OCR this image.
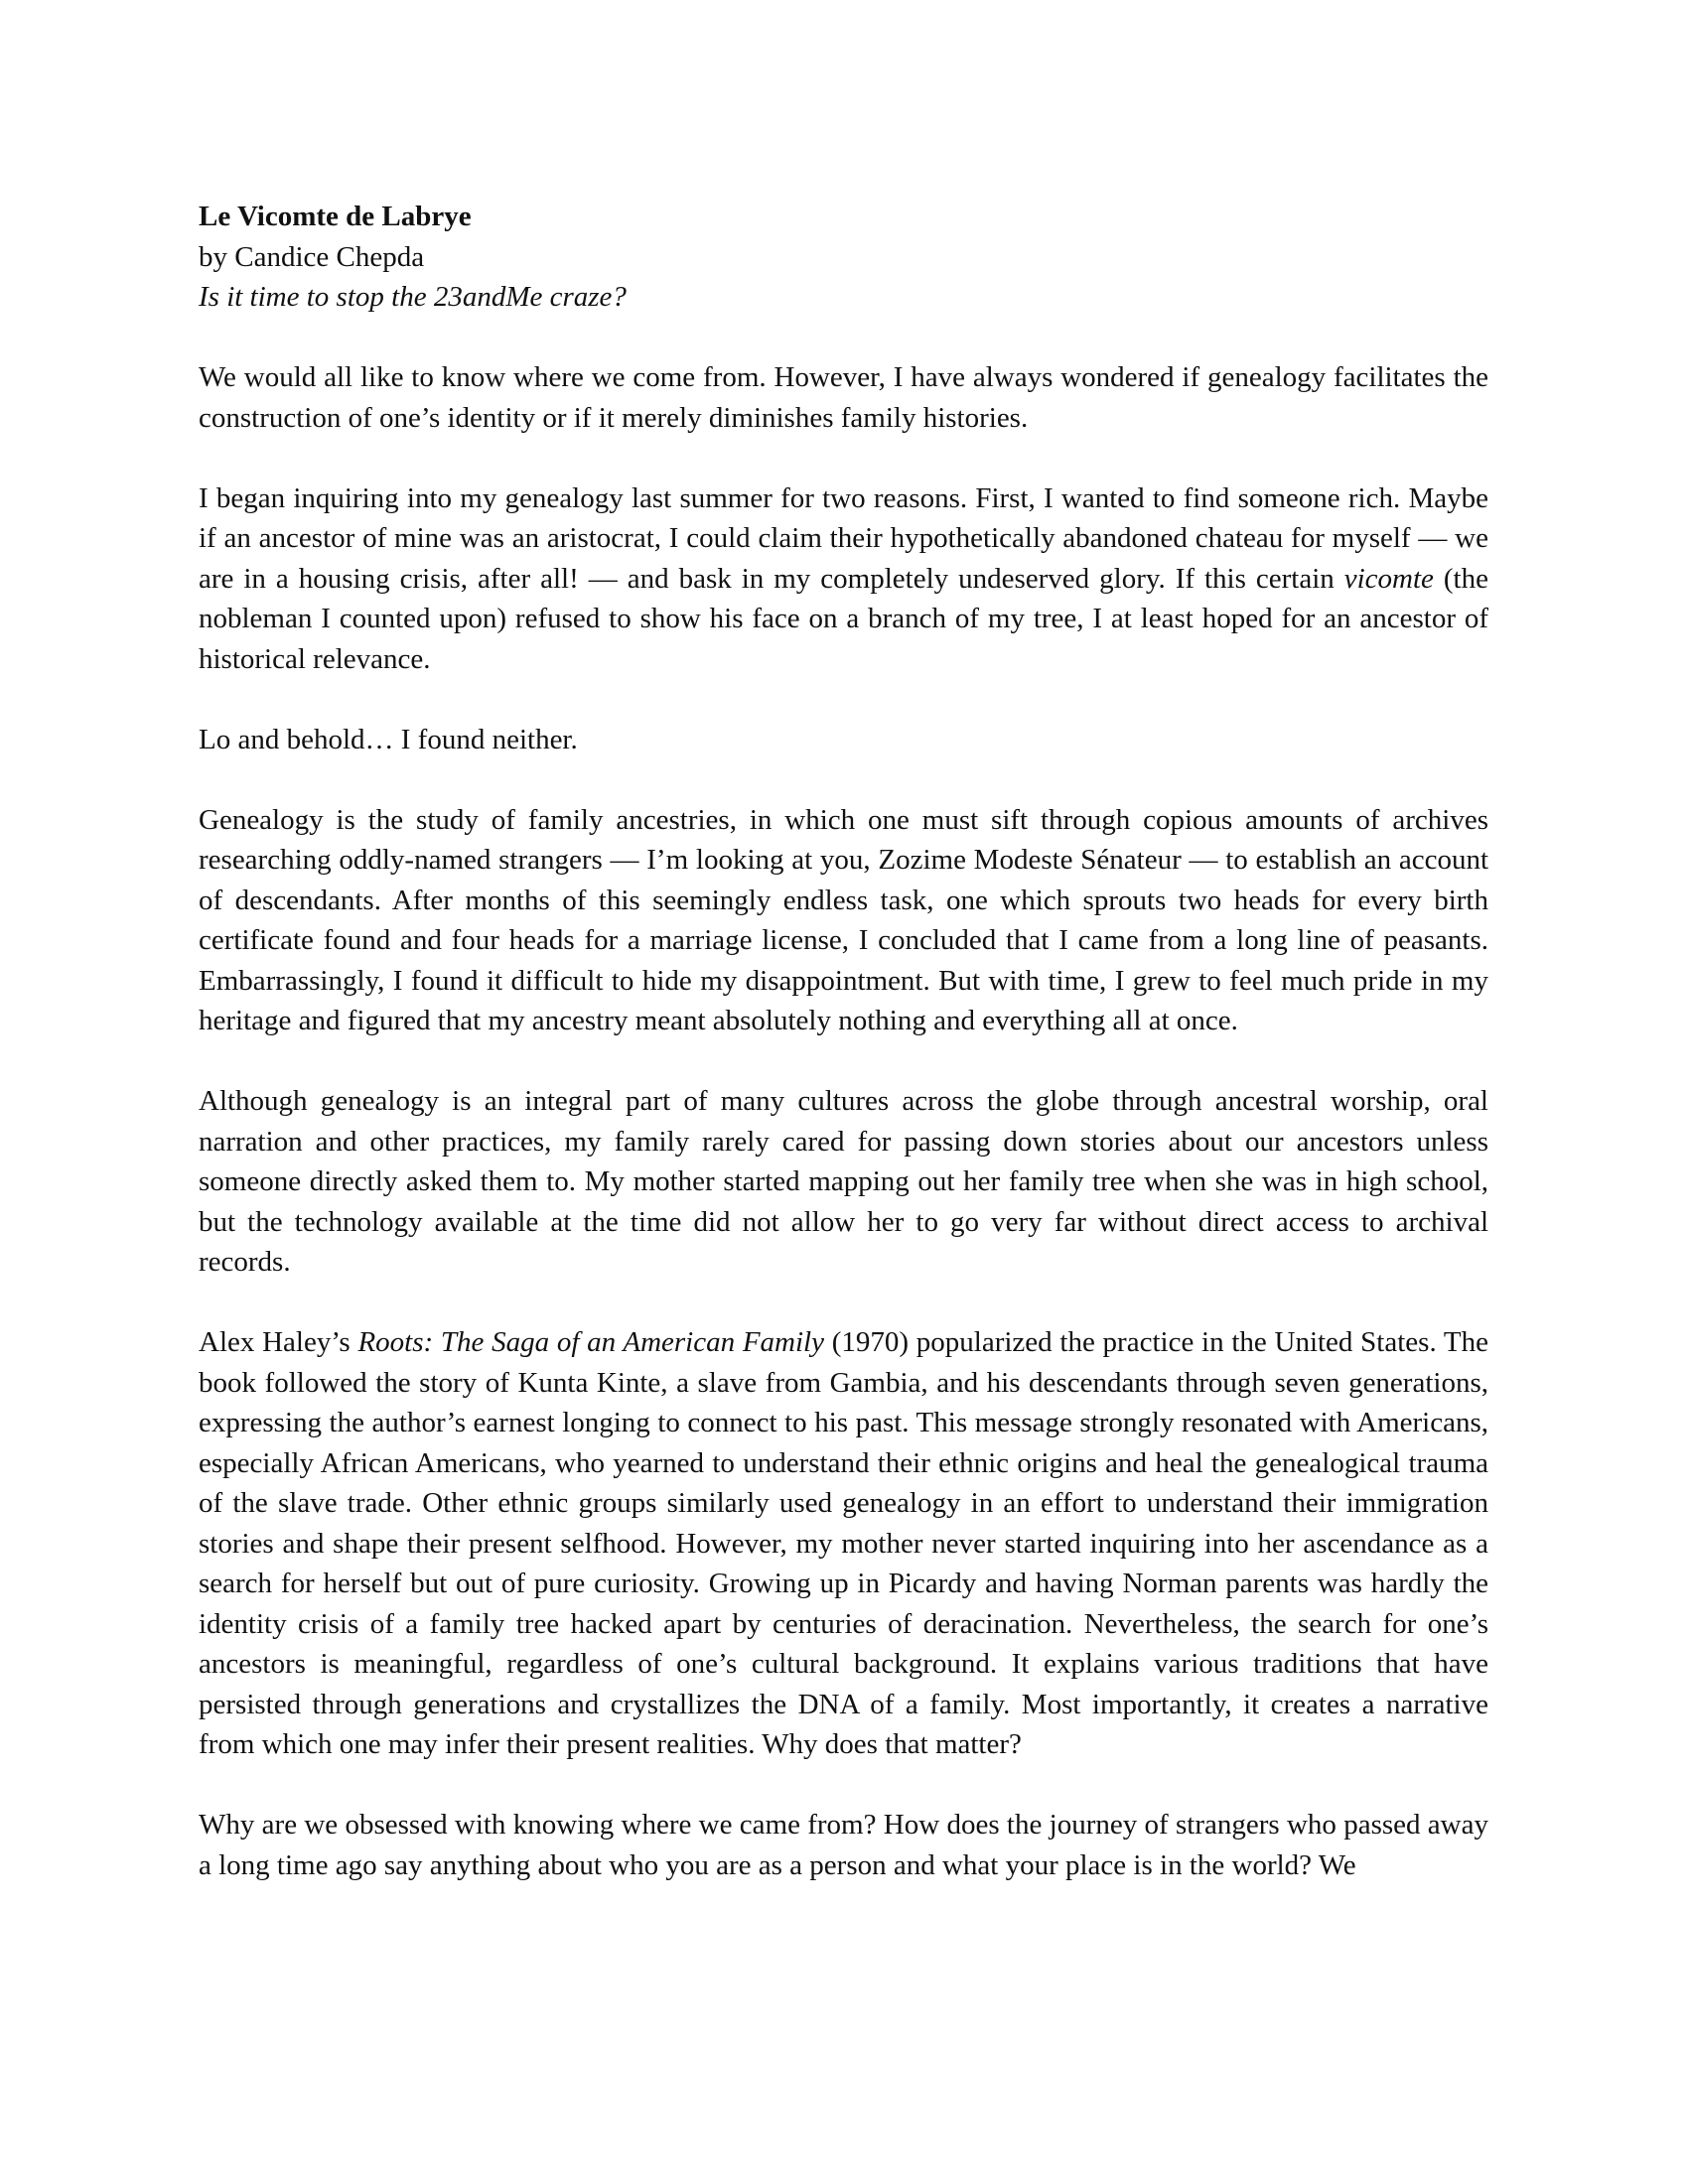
Le Vicomte de Labrye
by Candice Chepda
Is it time to stop the 23andMe craze?

We would all like to know where we come from. However, I have always wondered if genealogy facilitates the construction of one’s identity or if it merely diminishes family histories.

I began inquiring into my genealogy last summer for two reasons. First, I wanted to find someone rich. Maybe if an ancestor of mine was an aristocrat, I could claim their hypothetically abandoned chateau for myself — we are in a housing crisis, after all! — and bask in my completely undeserved glory. If this certain vicomte (the nobleman I counted upon) refused to show his face on a branch of my tree, I at least hoped for an ancestor of historical relevance.

Lo and behold… I found neither.

Genealogy is the study of family ancestries, in which one must sift through copious amounts of archives researching oddly-named strangers — I’m looking at you, Zozime Modeste Sénateur — to establish an account of descendants. After months of this seemingly endless task, one which sprouts two heads for every birth certificate found and four heads for a marriage license, I concluded that I came from a long line of peasants. Embarrassingly, I found it difficult to hide my disappointment. But with time, I grew to feel much pride in my heritage and figured that my ancestry meant absolutely nothing and everything all at once.

Although genealogy is an integral part of many cultures across the globe through ancestral worship, oral narration and other practices, my family rarely cared for passing down stories about our ancestors unless someone directly asked them to. My mother started mapping out her family tree when she was in high school, but the technology available at the time did not allow her to go very far without direct access to archival records.

Alex Haley’s Roots: The Saga of an American Family (1970) popularized the practice in the United States. The book followed the story of Kunta Kinte, a slave from Gambia, and his descendants through seven generations, expressing the author’s earnest longing to connect to his past. This message strongly resonated with Americans, especially African Americans, who yearned to understand their ethnic origins and heal the genealogical trauma of the slave trade. Other ethnic groups similarly used genealogy in an effort to understand their immigration stories and shape their present selfhood. However, my mother never started inquiring into her ascendance as a search for herself but out of pure curiosity. Growing up in Picardy and having Norman parents was hardly the identity crisis of a family tree hacked apart by centuries of deracination. Nevertheless, the search for one’s ancestors is meaningful, regardless of one’s cultural background. It explains various traditions that have persisted through generations and crystallizes the DNA of a family. Most importantly, it creates a narrative from which one may infer their present realities. Why does that matter?

Why are we obsessed with knowing where we came from? How does the journey of strangers who passed away a long time ago say anything about who you are as a person and what your place is in the world? We
